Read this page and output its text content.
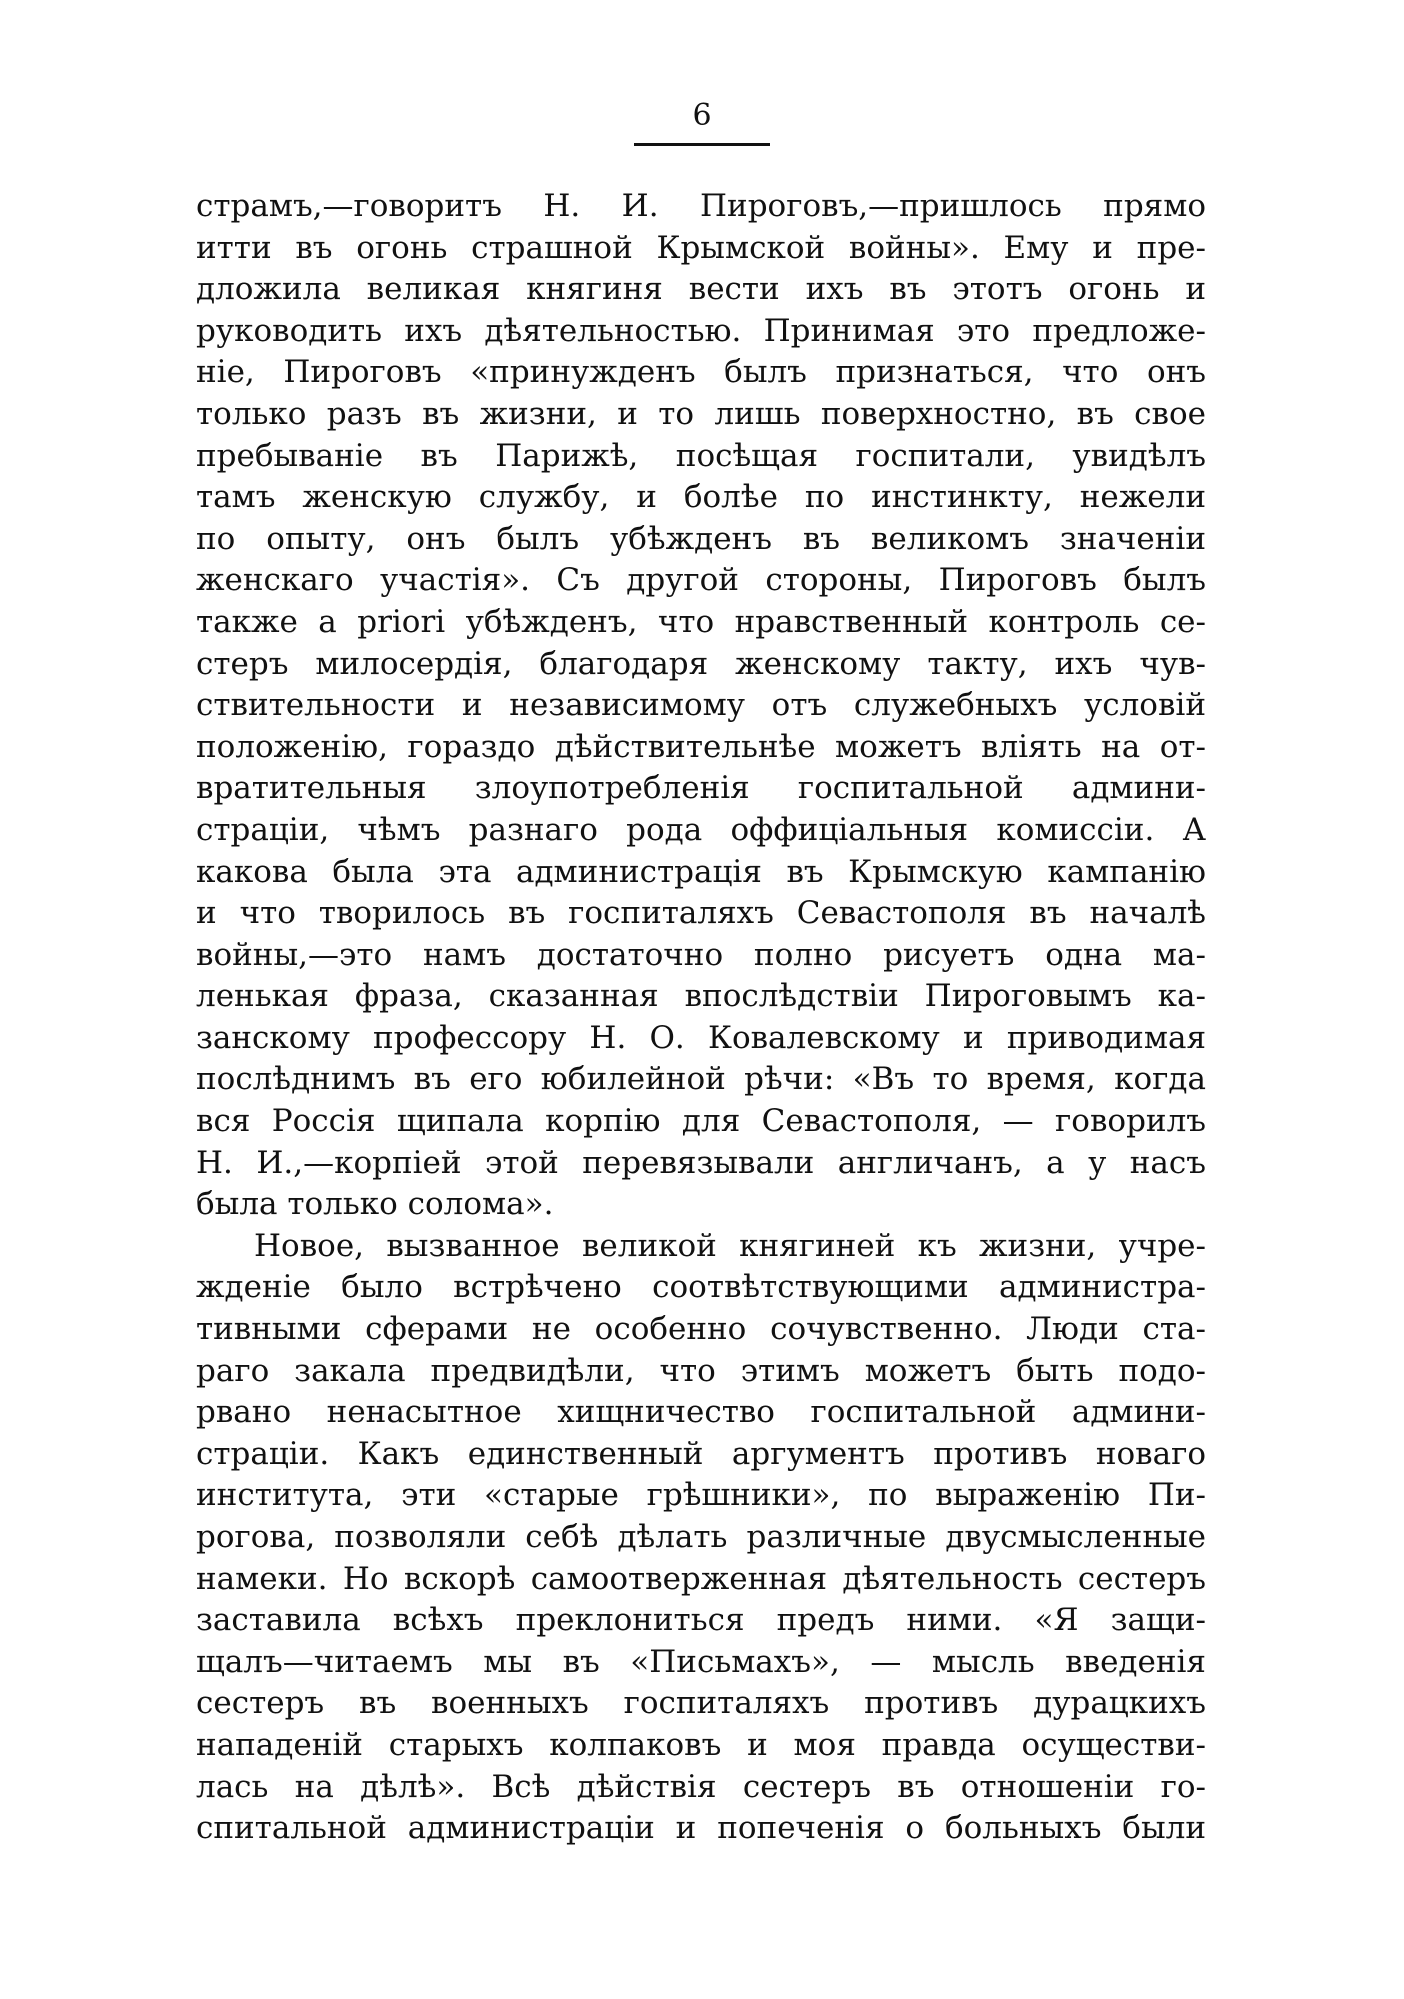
6
страмъ,—говоритъ Н. И. Пироговъ,—пришлось прямо
итти въ огонь страшной Крымской войны». Ему и пре-
дложила великая княгиня вести ихъ въ этотъ огонь и
руководить ихъ дѣятельностью. Принимая это предложе-
ніе, Пироговъ «принужденъ былъ признаться, что онъ
только разъ въ жизни, и то лишь поверхностно, въ свое
пребываніе въ Парижѣ, посѣщая госпитали, увидѣлъ
тамъ женскую службу, и болѣе по инстинкту, нежели
по опыту, онъ былъ убѣжденъ въ великомъ значеніи
женскаго участія». Съ другой стороны, Пироговъ былъ
также a priori убѣжденъ, что нравственный контроль се-
стеръ милосердія, благодаря женскому такту, ихъ чув-
ствительности и независимому отъ служебныхъ условій
положенію, гораздо дѣйствительнѣе можетъ вліять на от-
вратительныя злоупотребленія госпитальной админи-
страціи, чѣмъ разнаго рода оффиціальныя комиссіи. А
какова была эта администрація въ Крымскую кампанію
и что творилось въ госпиталяхъ Севастополя въ началѣ
войны,—это намъ достаточно полно рисуетъ одна ма-
ленькая фраза, сказанная впослѣдствіи Пироговымъ ка-
занскому профессору Н. О. Ковалевскому и приводимая
послѣднимъ въ его юбилейной рѣчи: «Въ то время, когда
вся Россія щипала корпію для Севастополя, — говорилъ
Н. И.,—корпіей этой перевязывали англичанъ, а у насъ
была только солома».
Новое, вызванное великой княгиней къ жизни, учре-
жденіе было встрѣчено соотвѣтствующими администра-
тивными сферами не особенно сочувственно. Люди ста-
раго закала предвидѣли, что этимъ можетъ быть подо-
рвано ненасытное хищничество госпитальной админи-
страціи. Какъ единственный аргументъ противъ новаго
института, эти «старые грѣшники», по выраженію Пи-
рогова, позволяли себѣ дѣлать различные двусмысленные
намеки. Но вскорѣ самоотверженная дѣятельность сестеръ
заставила всѣхъ преклониться предъ ними. «Я защи-
щалъ—читаемъ мы въ «Письмахъ», — мысль введенія
сестеръ въ военныхъ госпиталяхъ противъ дурацкихъ
нападеній старыхъ колпаковъ и моя правда осуществи-
лась на дѣлѣ». Всѣ дѣйствія сестеръ въ отношеніи го-
спитальной администраціи и попеченія о больныхъ были
